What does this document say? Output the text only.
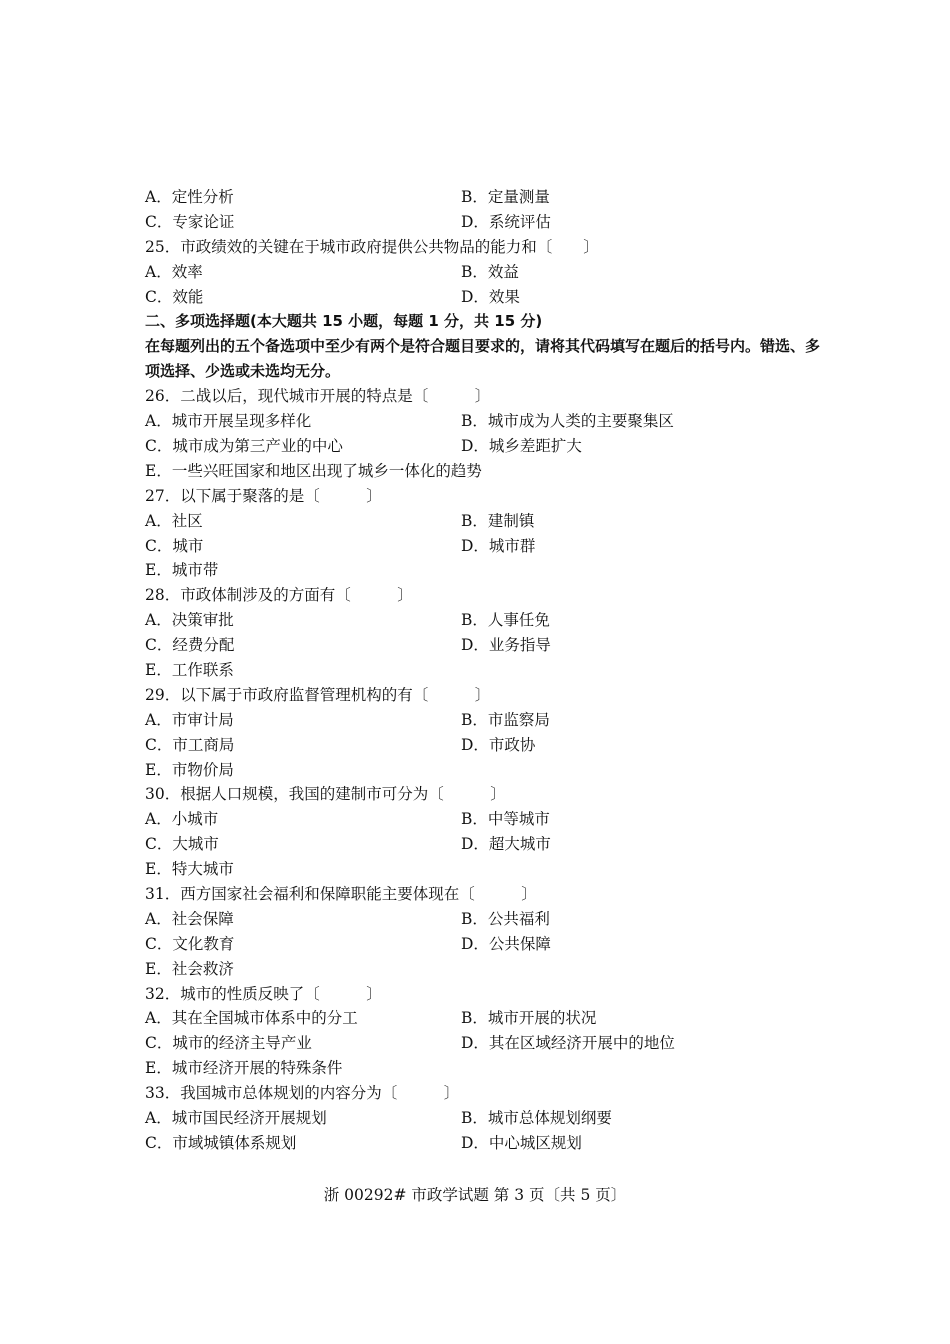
A．定性分析	B．定量测量
C．专家论证	D．系统评估
25．市政绩效的关键在于城市政府提供公共物品的能力和〔　　〕
A．效率	B．效益
C．效能	D．效果
二、多项选择题(本大题共 15 小题，每题 1 分，共 15 分)
在每题列出的五个备选项中至少有两个是符合题目要求的，请将其代码填写在题后的括号内。错选、多项选择、少选或未选均无分。
26．二战以后，现代城市开展的特点是〔　　　〕
A．城市开展呈现多样化	B．城市成为人类的主要聚集区
C．城市成为第三产业的中心	D．城乡差距扩大
E．一些兴旺国家和地区出现了城乡一体化的趋势
27．以下属于聚落的是〔　　　〕
A．社区	B．建制镇
C．城市	D．城市群
E．城市带
28．市政体制涉及的方面有〔　　　〕
A．决策审批	B．人事任免
C．经费分配	D．业务指导
E．工作联系
29．以下属于市政府监督管理机构的有〔　　　〕
A．市审计局	B．市监察局
C．市工商局	D．市政协
E．市物价局
30．根据人口规模，我国的建制市可分为〔　　　〕
A．小城市	B．中等城市
C．大城市	D．超大城市
E．特大城市
31．西方国家社会福利和保障职能主要体现在〔　　　〕
A．社会保障	B．公共福利
C．文化教育	D．公共保障
E．社会救济
32．城市的性质反映了〔　　　〕
A．其在全国城市体系中的分工	B．城市开展的状况
C．城市的经济主导产业	D．其在区域经济开展中的地位
E．城市经济开展的特殊条件
33．我国城市总体规划的内容分为〔　　　〕
A．城市国民经济开展规划	B．城市总体规划纲要
C．市域城镇体系规划	D．中心城区规划
浙 00292# 市政学试题 第 3 页〔共 5 页〕
